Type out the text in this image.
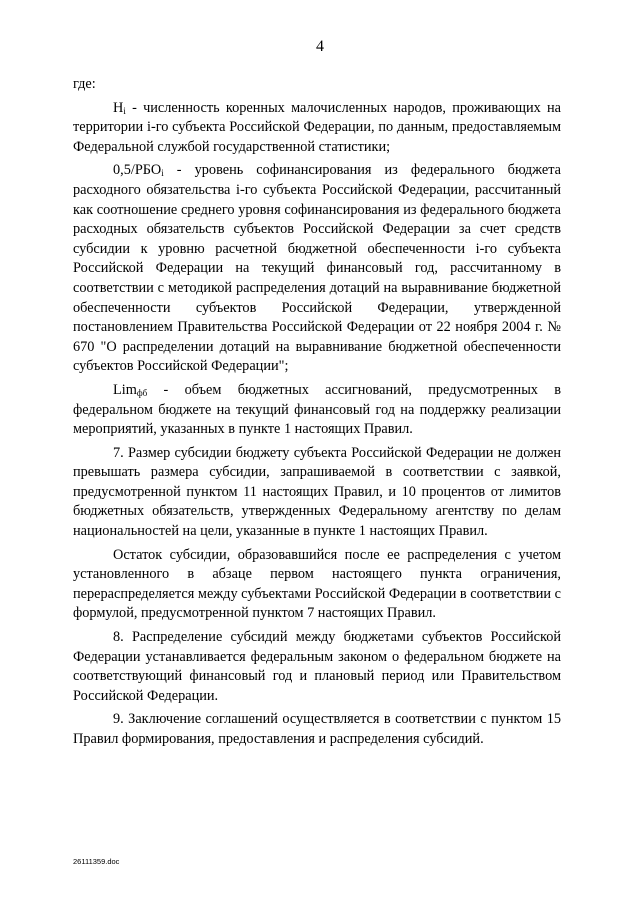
4

где:

$H_i$ - численность коренных малочисленных народов, проживающих на территории i-го субъекта Российской Федерации, по данным, предоставляемым Федеральной службой государственной статистики;

$0,5/РБО_i$ - уровень софинансирования из федерального бюджета расходного обязательства i-го субъекта Российской Федерации, рассчитанный как соотношение среднего уровня софинансирования из федерального бюджета расходных обязательств субъектов Российской Федерации за счет средств субсидии к уровню расчетной бюджетной обеспеченности i-го субъекта Российской Федерации на текущий финансовый год, рассчитанному в соответствии с методикой распределения дотаций на выравнивание бюджетной обеспеченности субъектов Российской Федерации, утвержденной постановлением Правительства Российской Федерации от 22 ноября 2004 г. № 670 "О распределении дотаций на выравнивание бюджетной обеспеченности субъектов Российской Федерации";

Lim$_{фб}$ - объем бюджетных ассигнований, предусмотренных в федеральном бюджете на текущий финансовый год на поддержку реализации мероприятий, указанных в пункте 1 настоящих Правил.

7. Размер субсидии бюджету субъекта Российской Федерации не должен превышать размера субсидии, запрашиваемой в соответствии с заявкой, предусмотренной пунктом 11 настоящих Правил, и 10 процентов от лимитов бюджетных обязательств, утвержденных Федеральному агентству по делам национальностей на цели, указанные в пункте 1 настоящих Правил.

Остаток субсидии, образовавшийся после ее распределения с учетом установленного в абзаце первом настоящего пункта ограничения, перераспределяется между субъектами Российской Федерации в соответствии с формулой, предусмотренной пунктом 7 настоящих Правил.

8. Распределение субсидий между бюджетами субъектов Российской Федерации устанавливается федеральным законом о федеральном бюджете на соответствующий финансовый год и плановый период или Правительством Российской Федерации.

9. Заключение соглашений осуществляется в соответствии с пунктом 15 Правил формирования, предоставления и распределения субсидий.

26111359.doc
